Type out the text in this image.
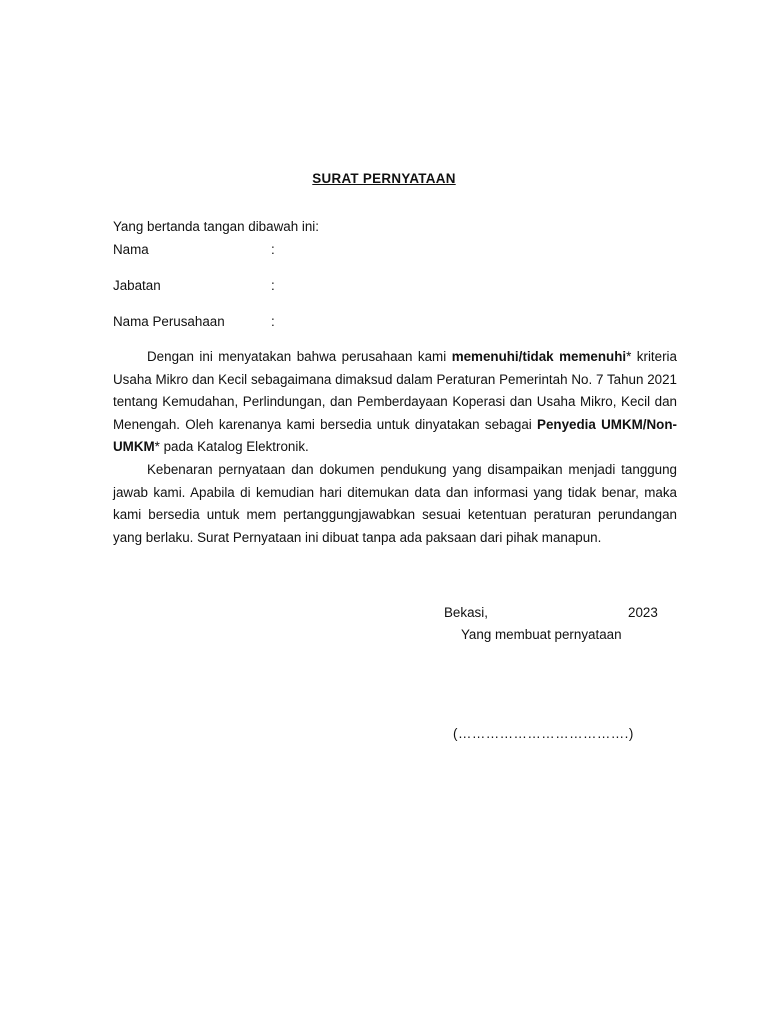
SURAT PERNYATAAN
Yang bertanda tangan dibawah ini:
Nama	:
Jabatan	:
Nama Perusahaan	:

Dengan ini menyatakan bahwa perusahaan kami memenuhi/tidak memenuhi* kriteria Usaha Mikro dan Kecil sebagaimana dimaksud dalam Peraturan Pemerintah No. 7 Tahun 2021 tentang Kemudahan, Perlindungan, dan Pemberdayaan Koperasi dan Usaha Mikro, Kecil dan Menengah. Oleh karenanya kami bersedia untuk dinyatakan sebagai Penyedia UMKM/Non-UMKM* pada Katalog Elektronik.

Kebenaran pernyataan dan dokumen pendukung yang disampaikan menjadi tanggung jawab kami. Apabila di kemudian hari ditemukan data dan informasi yang tidak benar, maka kami bersedia untuk mem pertanggungjawabkan sesuai ketentuan peraturan perundangan yang berlaku. Surat Pernyataan ini dibuat tanpa ada paksaan dari pihak manapun.

Bekasi,	2023
Yang membuat pernyataan
(……………………………….)
